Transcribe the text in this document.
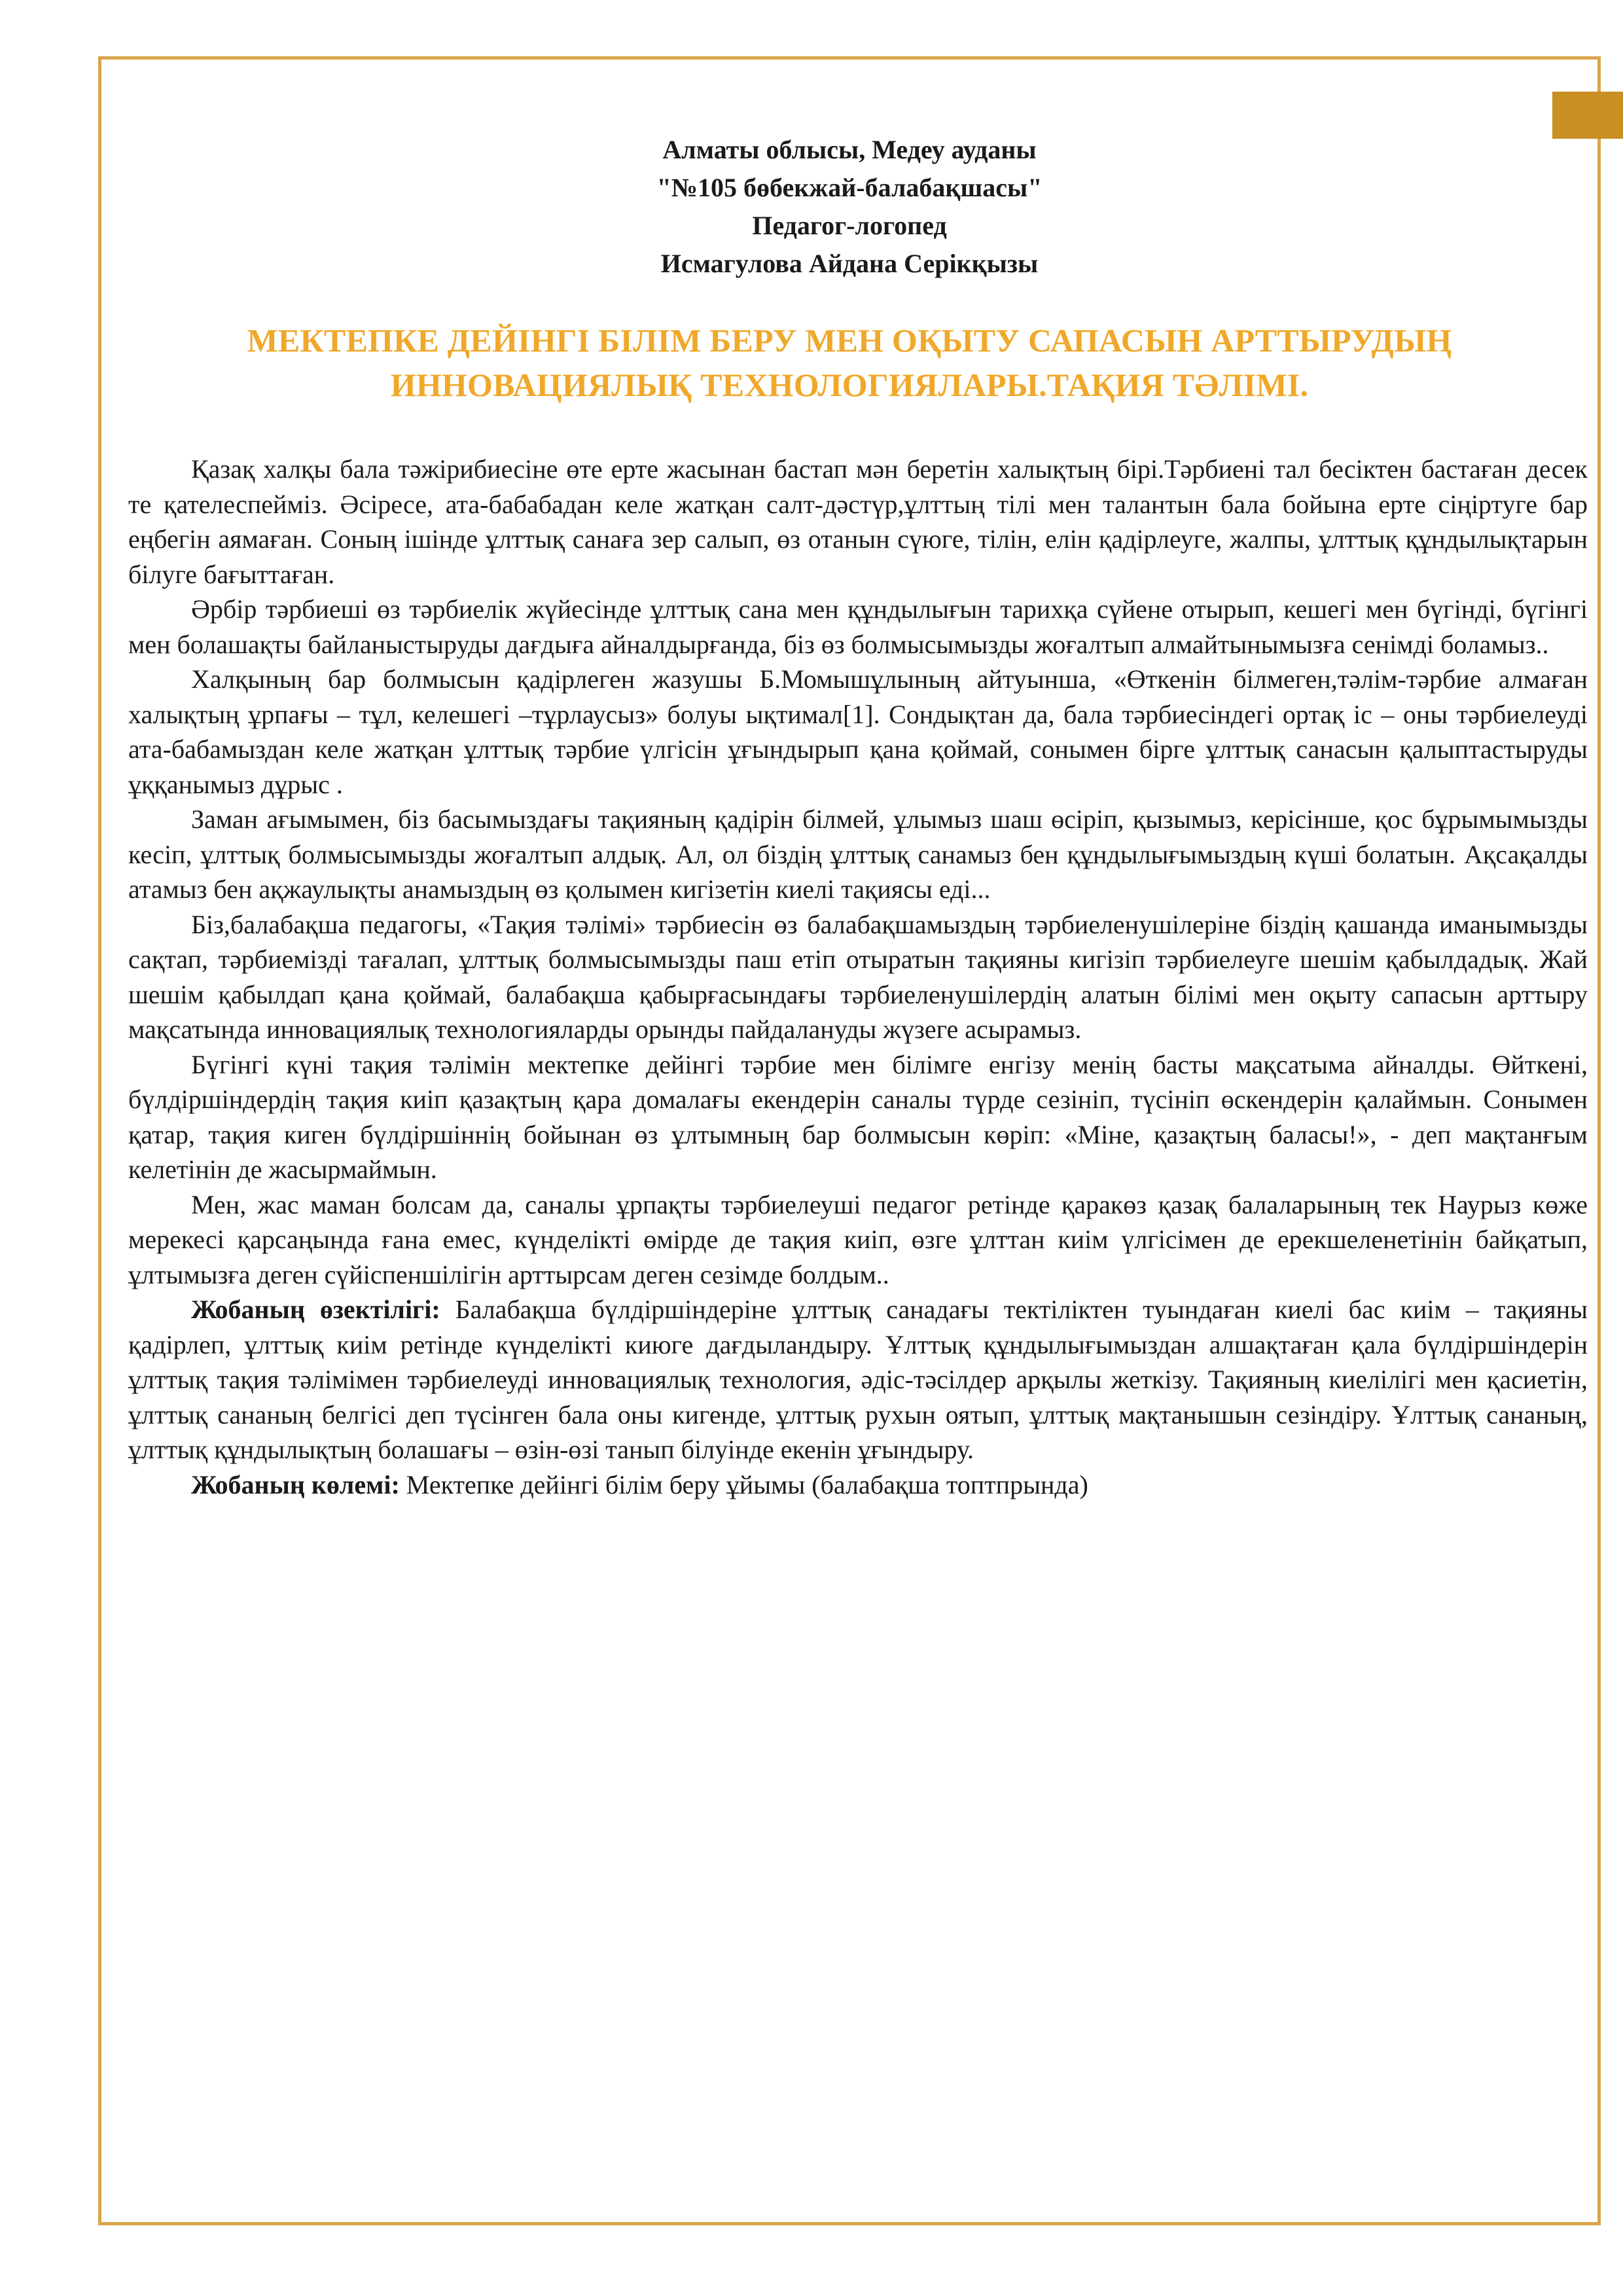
Алматы облысы, Медеу ауданы
"№105 бөбекжай-балабақшасы"
Педагог-логопед
Исмагулова Айдана Серікқызы
МЕКТЕПКЕ ДЕЙІНГІ БІЛІМ БЕРУ МЕН ОҚЫТУ САПАСЫН АРТТЫРУДЫҢ
ИННОВАЦИЯЛЫҚ ТЕХНОЛОГИЯЛАРЫ.ТАҚИЯ ТӘЛІМІ.

Қазақ халқы бала тәжірибиесіне өте ерте жасынан бастап мән беретін халықтың бірі.Тәрбиені тал бесіктен бастаған десек те қателеспейміз. Әсіресе, ата-бабабадан келе жатқан салт-дәстүр,ұлттың тілі мен талантын бала бойына ерте сіңіртуге бар еңбегін аямаған. Соның ішінде ұлттық санаға зер салып, өз отанын сүюге, тілін, елін қадірлеуге, жалпы, ұлттық құндылықтарын білуге бағыттаған.

Әрбір тәрбиеші өз тәрбиелік жүйесінде ұлттық сана мен құндылығын тарихқа сүйене отырып, кешегі мен бүгінді, бүгінгі мен болашақты байланыстыруды дағдыға айналдырғанда, біз өз болмысымызды жоғалтып алмайтынымызға сенімді боламыз..

Халқының бар болмысын қадірлеген жазушы Б.Момышұлының айтуынша, «Өткенін білмеген,тәлім-тәрбие алмаған халықтың ұрпағы – тұл, келешегі –тұрлаусыз» болуы ықтимал[1]. Сондықтан да, бала тәрбиесіндегі ортақ іс – оны тәрбиелеуді ата-бабамыздан келе жатқан ұлттық тәрбие үлгісін ұғындырып қана қоймай, сонымен бірге ұлттық санасын қалыптастыруды ұққанымыз дұрыс .

Заман ағымымен, біз басымыздағы тақияның қадірін білмей, ұлымыз шаш өсіріп, қызымыз, керісінше, қос бұрымымызды кесіп, ұлттық болмысымызды жоғалтып алдық. Ал, ол біздің ұлттық санамыз бен құндылығымыздың күші болатын. Ақсақалды атамыз бен ақжаулықты анамыздың өз қолымен кигізетін киелі тақиясы еді...

Біз,балабақша педагогы, «Тақия тәлімі» тәрбиесін өз балабақшамыздың тәрбиеленушілеріне біздің қашанда иманымызды сақтап, тәрбиемізді тағалап, ұлттық болмысымызды паш етіп отыратын тақияны кигізіп тәрбиелеуге шешім қабылдадық. Жай шешім қабылдап қана қоймай, балабақша қабырғасындағы тәрбиеленушілердің алатын білімі мен оқыту сапасын арттыру мақсатында инновациялық технологияларды орынды пайдалануды жүзеге асырамыз.

Бүгінгі күні тақия тәлімін мектепке дейінгі тәрбие мен білімге енгізу менің басты мақсатыма айналды. Өйткені, бүлдіршіндердің тақия киіп қазақтың қара домалағы екендерін саналы түрде сезініп, түсініп өскендерін қалаймын. Сонымен қатар, тақия киген бүлдіршіннің бойынан өз ұлтымның бар болмысын көріп: «Міне, қазақтың баласы!», - деп мақтанғым келетінін де жасырмаймын.

Мен, жас маман болсам да, саналы ұрпақты тәрбиелеуші педагог ретінде қаракөз қазақ балаларының тек Наурыз көже мерекесі қарсаңында ғана емес, күнделікті өмірде де тақия киіп, өзге ұлттан киім үлгісімен де ерекшеленетінін байқатып, ұлтымызға деген сүйіспеншілігін арттырсам деген сезімде болдым..

Жобаның өзектілігі: Балабақша бүлдіршіндеріне ұлттық санадағы тектіліктен туындаған киелі бас киім – тақияны қадірлеп, ұлттық киім ретінде күнделікті киюге дағдыландыру. Ұлттық құндылығымыздан алшақтаған қала бүлдіршіндерін ұлттық тақия тәлімімен тәрбиелеуді инновациялық технология, әдіс-тәсілдер арқылы жеткізу. Тақияның киелілігі мен қасиетін, ұлттық сананың белгісі деп түсінген бала оны кигенде, ұлттық рухын оятып, ұлттық мақтанышын сезіндіру. Ұлттық сананың, ұлттық құндылықтың болашағы – өзін-өзі танып білуінде екенін ұғындыру.

Жобаның көлемі: Мектепке дейінгі білім беру ұйымы (балабақша топтпрында)
